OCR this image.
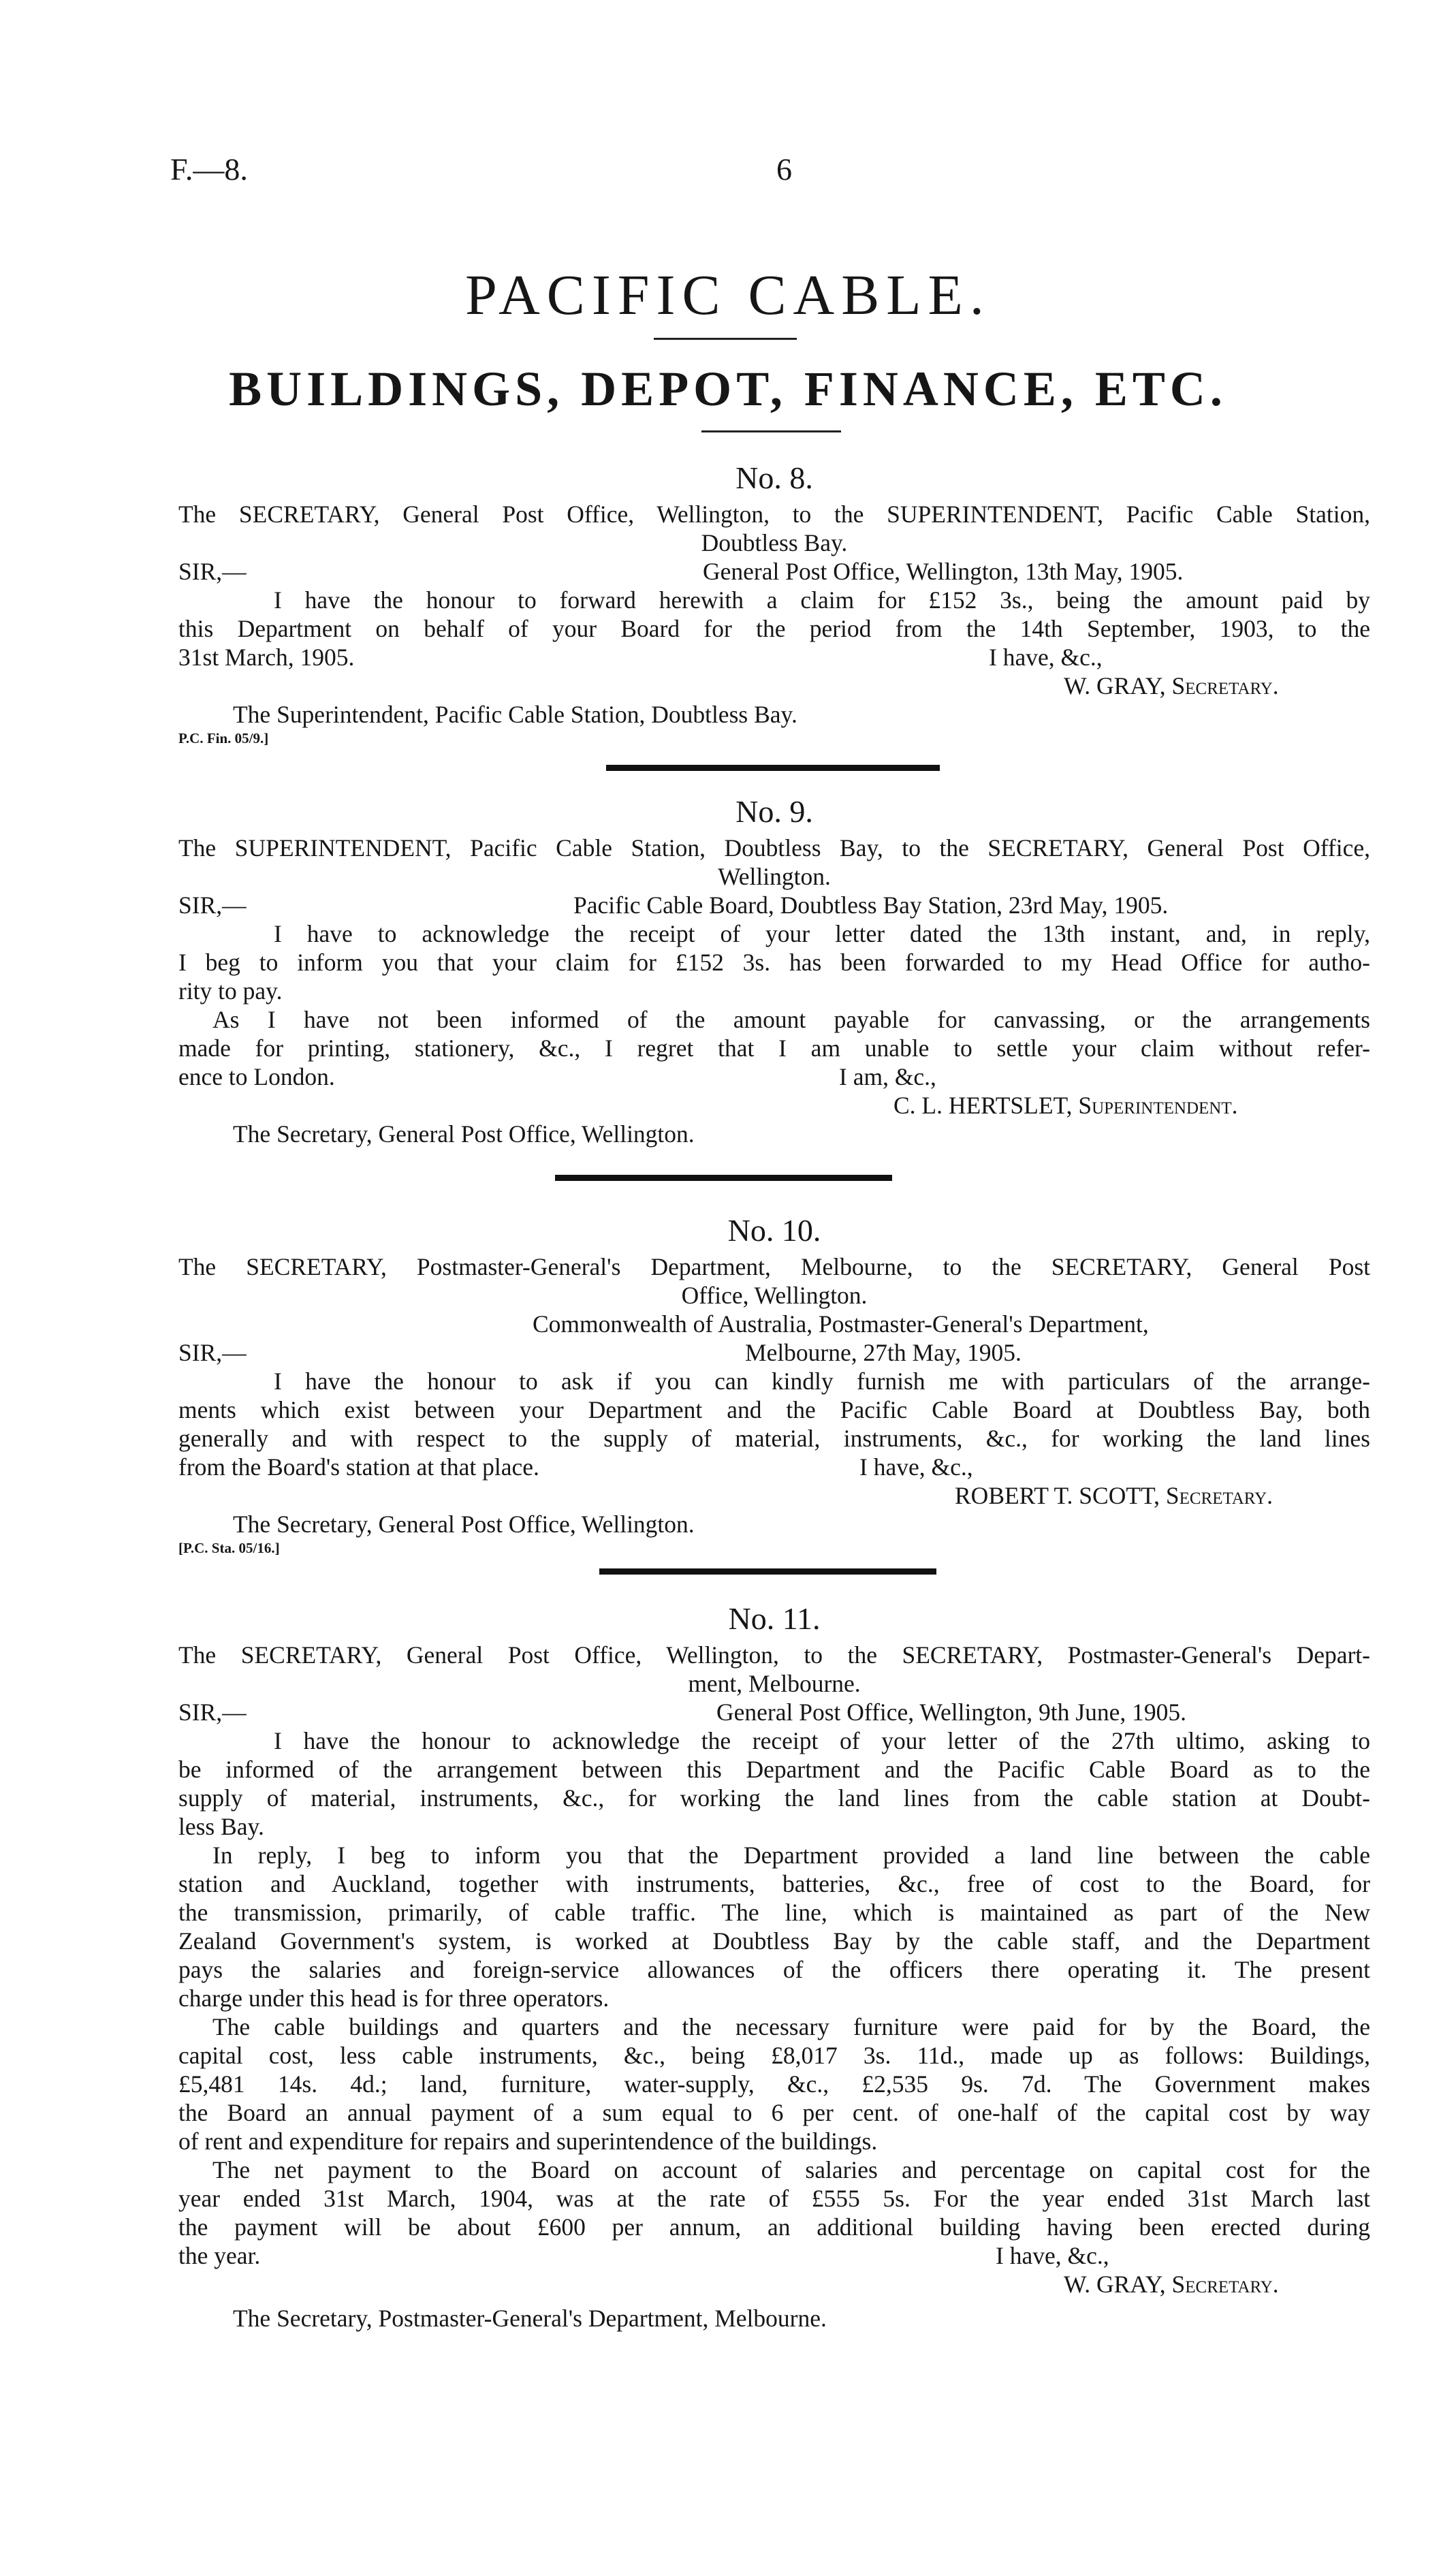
F.—8.	6
PACIFIC CABLE.
BUILDINGS, DEPOT, FINANCE, ETC.
No. 8.
The SECRETARY, General Post Office, Wellington, to the SUPERINTENDENT, Pacific Cable Station,
Doubtless Bay.
SIR,—	General Post Office, Wellington, 13th May, 1905.
I have the honour to forward herewith a claim for £152 3s., being the amount paid by
this Department on behalf of your Board for the period from the 14th September, 1903, to the
31st March, 1905.	I have, &c.,
W. GRAY, Secretary.
The Superintendent, Pacific Cable Station, Doubtless Bay.
P.C. Fin. 05/9.]
No. 9.
The SUPERINTENDENT, Pacific Cable Station, Doubtless Bay, to the SECRETARY, General Post Office,
Wellington.
SIR,—	Pacific Cable Board, Doubtless Bay Station, 23rd May, 1905.
I have to acknowledge the receipt of your letter dated the 13th instant, and, in reply,
I beg to inform you that your claim for £152 3s. has been forwarded to my Head Office for autho-
rity to pay.
As I have not been informed of the amount payable for canvassing, or the arrangements
made for printing, stationery, &c., I regret that I am unable to settle your claim without refer-
ence to London.	I am, &c.,
C. L. HERTSLET, Superintendent.
The Secretary, General Post Office, Wellington.
No. 10.
The SECRETARY, Postmaster-General's Department, Melbourne, to the SECRETARY, General Post
Office, Wellington.
Commonwealth of Australia, Postmaster-General's Department,
SIR,—	Melbourne, 27th May, 1905.
I have the honour to ask if you can kindly furnish me with particulars of the arrange-
ments which exist between your Department and the Pacific Cable Board at Doubtless Bay, both
generally and with respect to the supply of material, instruments, &c., for working the land lines
from the Board's station at that place.	I have, &c.,
ROBERT T. SCOTT, Secretary.
The Secretary, General Post Office, Wellington.
[P.C. Sta. 05/16.]
No. 11.
The SECRETARY, General Post Office, Wellington, to the SECRETARY, Postmaster-General's Depart-
ment, Melbourne.
SIR,—	General Post Office, Wellington, 9th June, 1905.
I have the honour to acknowledge the receipt of your letter of the 27th ultimo, asking to
be informed of the arrangement between this Department and the Pacific Cable Board as to the
supply of material, instruments, &c., for working the land lines from the cable station at Doubt-
less Bay.
In reply, I beg to inform you that the Department provided a land line between the cable
station and Auckland, together with instruments, batteries, &c., free of cost to the Board, for
the transmission, primarily, of cable traffic. The line, which is maintained as part of the New
Zealand Government's system, is worked at Doubtless Bay by the cable staff, and the Department
pays the salaries and foreign-service allowances of the officers there operating it. The present
charge under this head is for three operators.
The cable buildings and quarters and the necessary furniture were paid for by the Board, the
capital cost, less cable instruments, &c., being £8,017 3s. 11d., made up as follows: Buildings,
£5,481 14s. 4d.; land, furniture, water-supply, &c., £2,535 9s. 7d. The Government makes
the Board an annual payment of a sum equal to 6 per cent. of one-half of the capital cost by way
of rent and expenditure for repairs and superintendence of the buildings.
The net payment to the Board on account of salaries and percentage on capital cost for the
year ended 31st March, 1904, was at the rate of £555 5s. For the year ended 31st March last
the payment will be about £600 per annum, an additional building having been erected during
the year.	I have, &c.,
W. GRAY, Secretary.
The Secretary, Postmaster-General's Department, Melbourne.
